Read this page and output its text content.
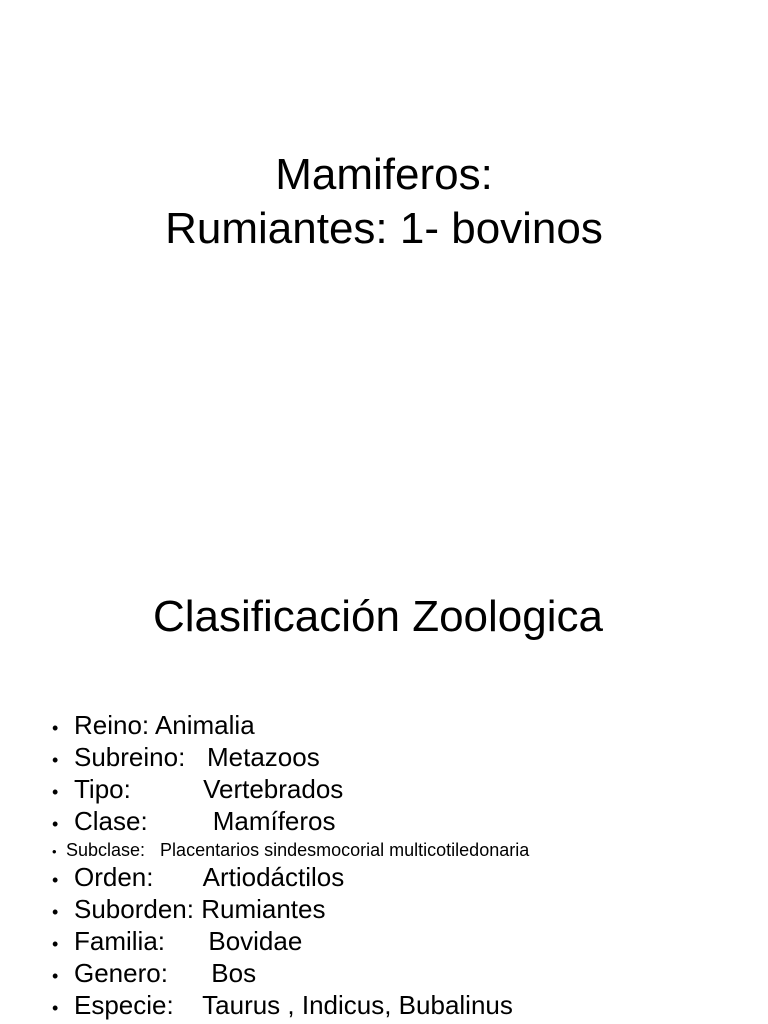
Mamiferos:
Rumiantes: 1- bovinos
Clasificación Zoologica
• Reino: Animalia
• Subreino:   Metazoos
• Tipo:          Vertebrados
• Clase:         Mamíferos
• Subclase:   Placentarios sindesmocorial multicotiledonaria
• Orden:       Artiodáctilos
• Suborden: Rumiantes
• Familia:      Bovidae
• Genero:      Bos
• Especie:    Taurus , Indicus, Bubalinus
